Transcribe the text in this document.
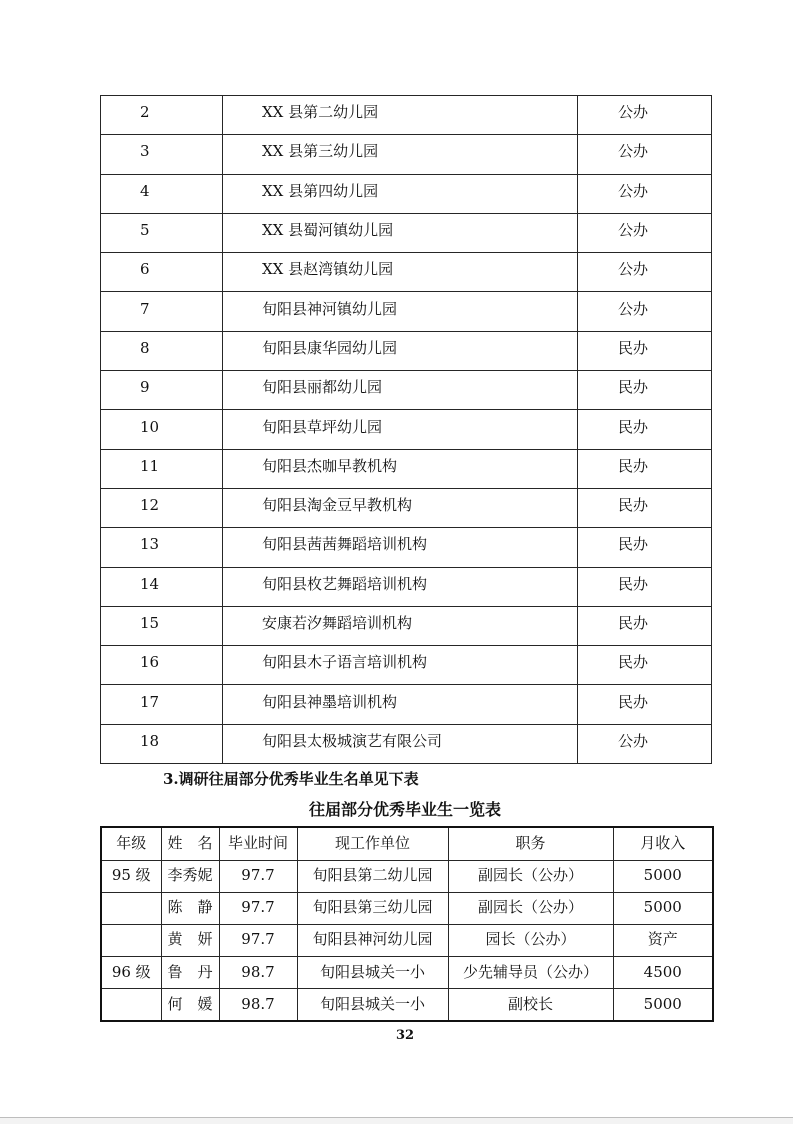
2	XX 县第二幼儿园	公办
3	XX 县第三幼儿园	公办
4	XX 县第四幼儿园	公办
5	XX 县蜀河镇幼儿园	公办
6	XX 县赵湾镇幼儿园	公办
7	旬阳县神河镇幼儿园	公办
8	旬阳县康华园幼儿园	民办
9	旬阳县丽都幼儿园	民办
10	旬阳县草坪幼儿园	民办
11	旬阳县杰咖早教机构	民办
12	旬阳县淘金豆早教机构	民办
13	旬阳县茜茜舞蹈培训机构	民办
14	旬阳县枚艺舞蹈培训机构	民办
15	安康若汐舞蹈培训机构	民办
16	旬阳县木子语言培训机构	民办
17	旬阳县神墨培训机构	民办
18	旬阳县太极城演艺有限公司	公办
3.调研往届部分优秀毕业生名单见下表
往届部分优秀毕业生一览表
年级	姓　名	毕业时间	现工作单位	职务	月收入
95 级	李秀妮	97.7	旬阳县第二幼儿园	副园长（公办）	5000
	陈　静	97.7	旬阳县第三幼儿园	副园长（公办）	5000
	黄　妍	97.7	旬阳县神河幼儿园	园长（公办）	资产
96 级	鲁　丹	98.7	旬阳县城关一小	少先辅导员（公办）	4500
	何　媛	98.7	旬阳县城关一小	副校长	5000
32
